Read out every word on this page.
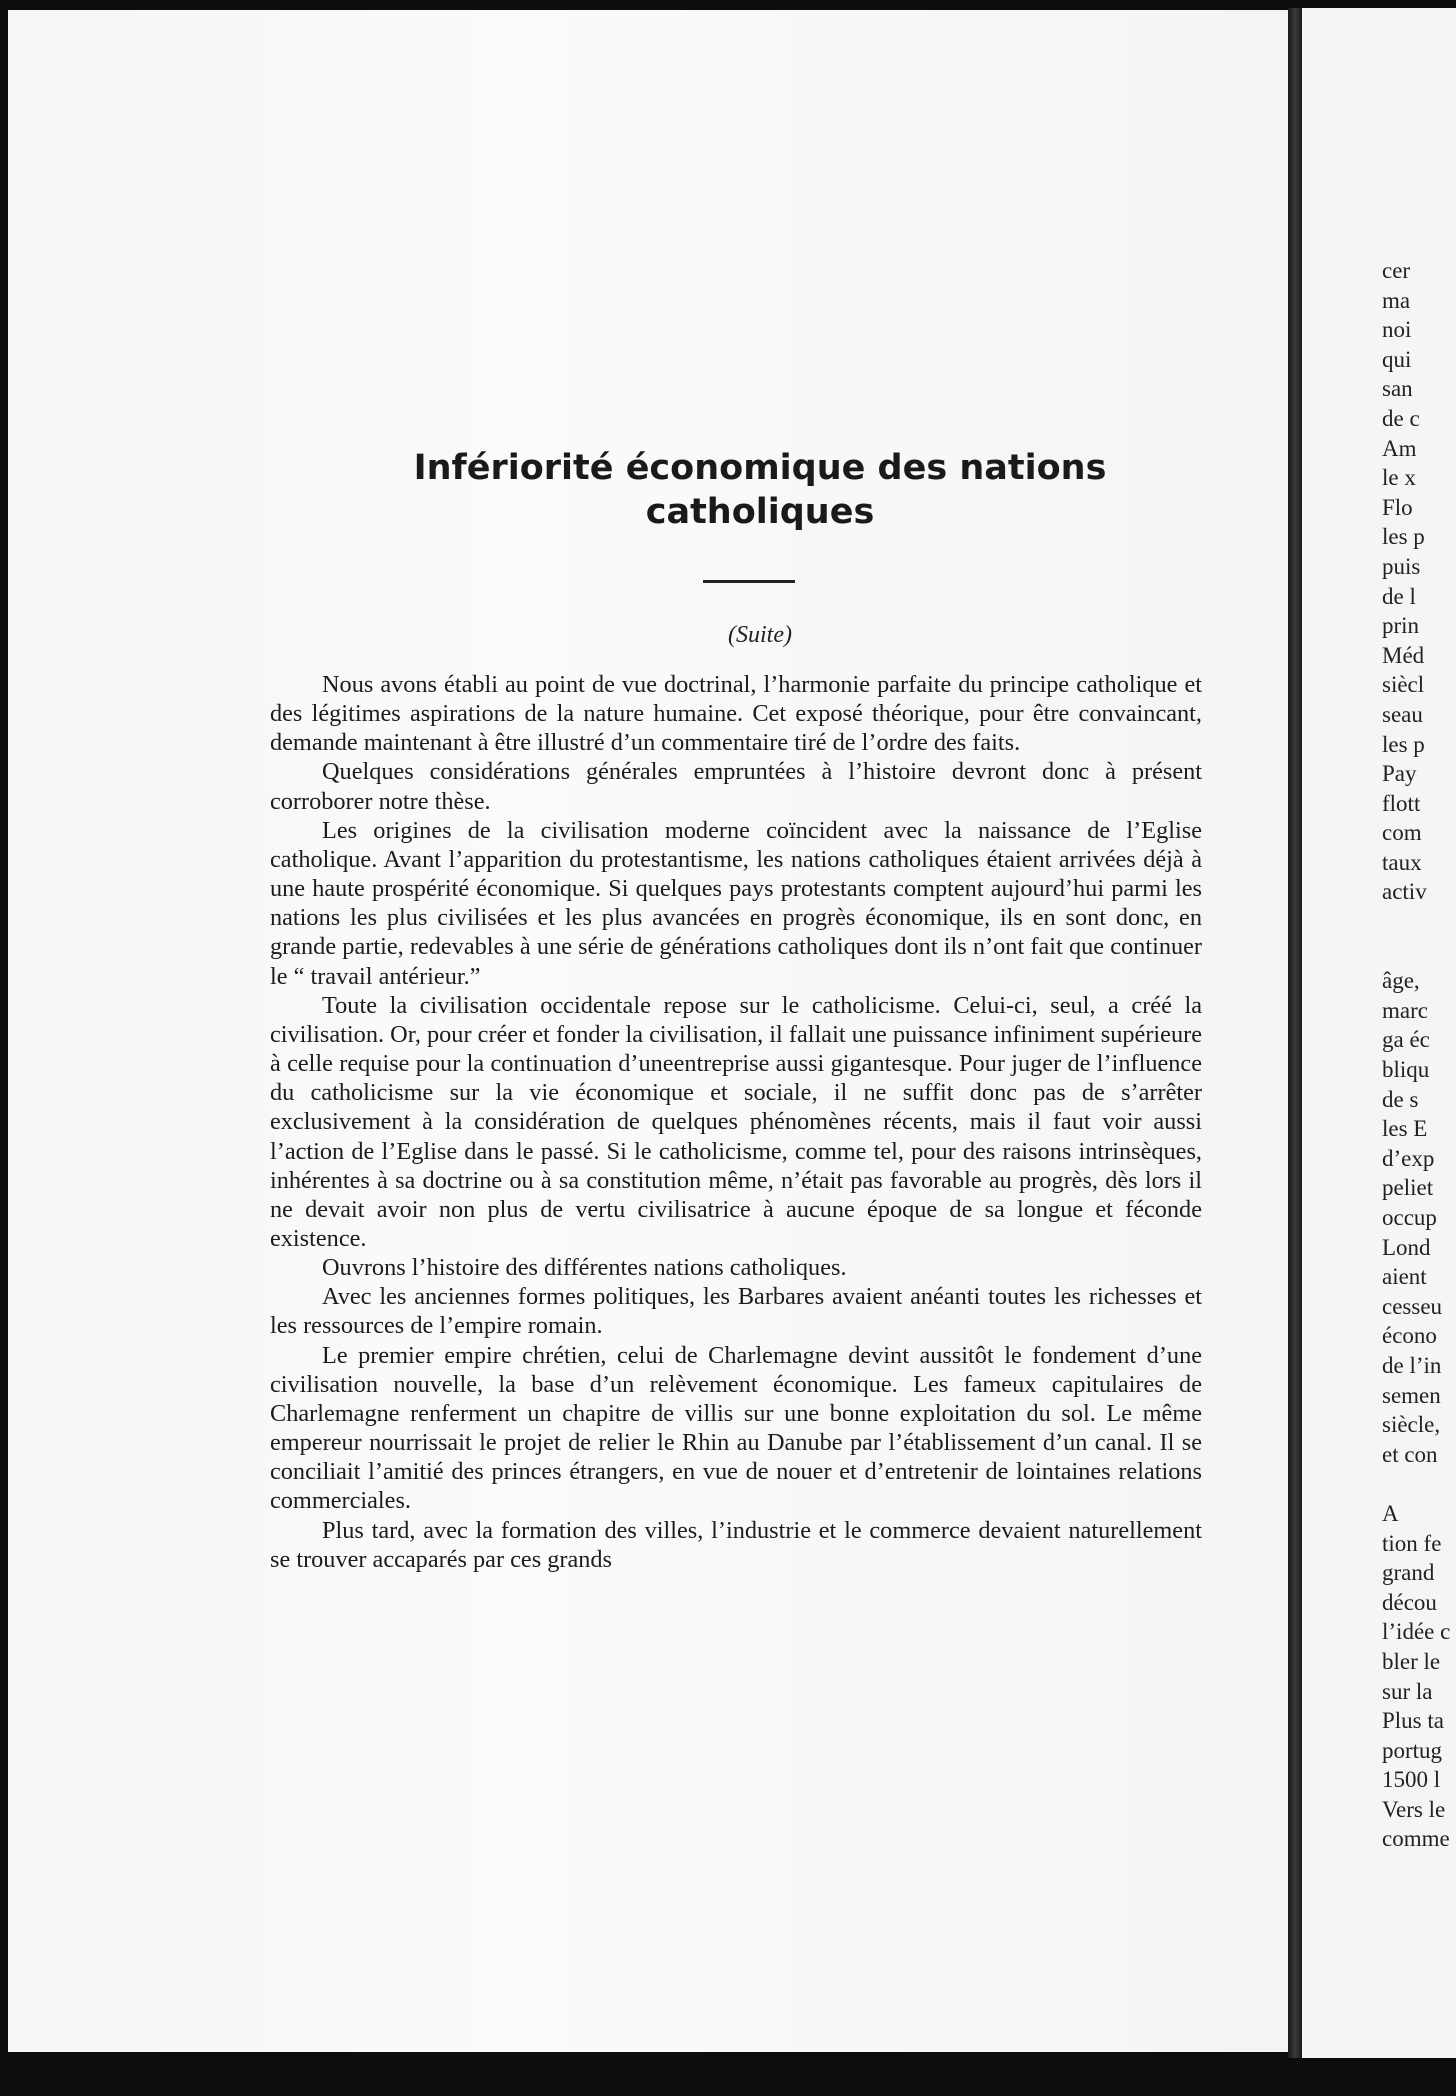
cer
ma
noi
qui
san
de c
Am
le x
Flo
les p
puis
de l
prin
Méd
siècl
seau
les p
Pay
flott
com
taux
activ
âge,
marc
ga éc
bliqu
de s
les E
d’exp
peliet
occup
Lond
aient
cesseu
écono
de l’in
semen
siècle,
et con
A
tion fe
grand
décou
l’idée c
bler le
sur la
Plus ta
portug
1500 l
Vers le
comme
Infériorité économique des nations catholiques
(Suite)

Nous avons établi au point de vue doctrinal, l’harmonie parfaite du principe catholique et des légitimes aspirations de la nature humaine. Cet exposé théorique, pour être convaincant, demande maintenant à être illustré d’un commentaire tiré de l’ordre des faits.

Quelques considérations générales empruntées à l’histoire devront donc à présent corroborer notre thèse.

Les origines de la civilisation moderne coïncident avec la naissance de l’Eglise catholique. Avant l’apparition du protestantisme, les nations catholiques étaient arrivées déjà à une haute prospérité économique. Si quelques pays protestants comptent aujourd’hui parmi les nations les plus civilisées et les plus avancées en progrès économique, ils en sont donc, en grande partie, redevables à une série de générations catholiques dont ils n’ont fait que continuer le “ travail antérieur.”

Toute la civilisation occidentale repose sur le catholicisme. Celui-ci, seul, a créé la civilisation. Or, pour créer et fonder la civilisation, il fallait une puissance infiniment supérieure à celle requise pour la continuation d’uneentreprise aussi gigantesque. Pour juger de l’influence du catholicisme sur la vie économique et sociale, il ne suffit donc pas de s’arrêter exclusivement à la considération de quelques phénomènes récents, mais il faut voir aussi l’action de l’Eglise dans le passé. Si le catholicisme, comme tel, pour des raisons intrinsèques, inhérentes à sa doctrine ou à sa constitution même, n’était pas favorable au progrès, dès lors il ne devait avoir non plus de vertu civilisatrice à aucune époque de sa longue et féconde existence.

Ouvrons l’histoire des différentes nations catholiques.

Avec les anciennes formes politiques, les Barbares avaient anéanti toutes les richesses et les ressources de l’empire romain.

Le premier empire chrétien, celui de Charlemagne devint aussitôt le fondement d’une civilisation nouvelle, la base d’un relèvement économique. Les fameux capitulaires de Charlemagne renferment un chapitre de villis sur une bonne exploitation du sol. Le même empereur nourrissait le projet de relier le Rhin au Danube par l’établissement d’un canal. Il se conciliait l’amitié des princes étrangers, en vue de nouer et d’entretenir de lointaines relations commerciales.

Plus tard, avec la formation des villes, l’industrie et le commerce devaient naturellement se trouver accaparés par ces grands
